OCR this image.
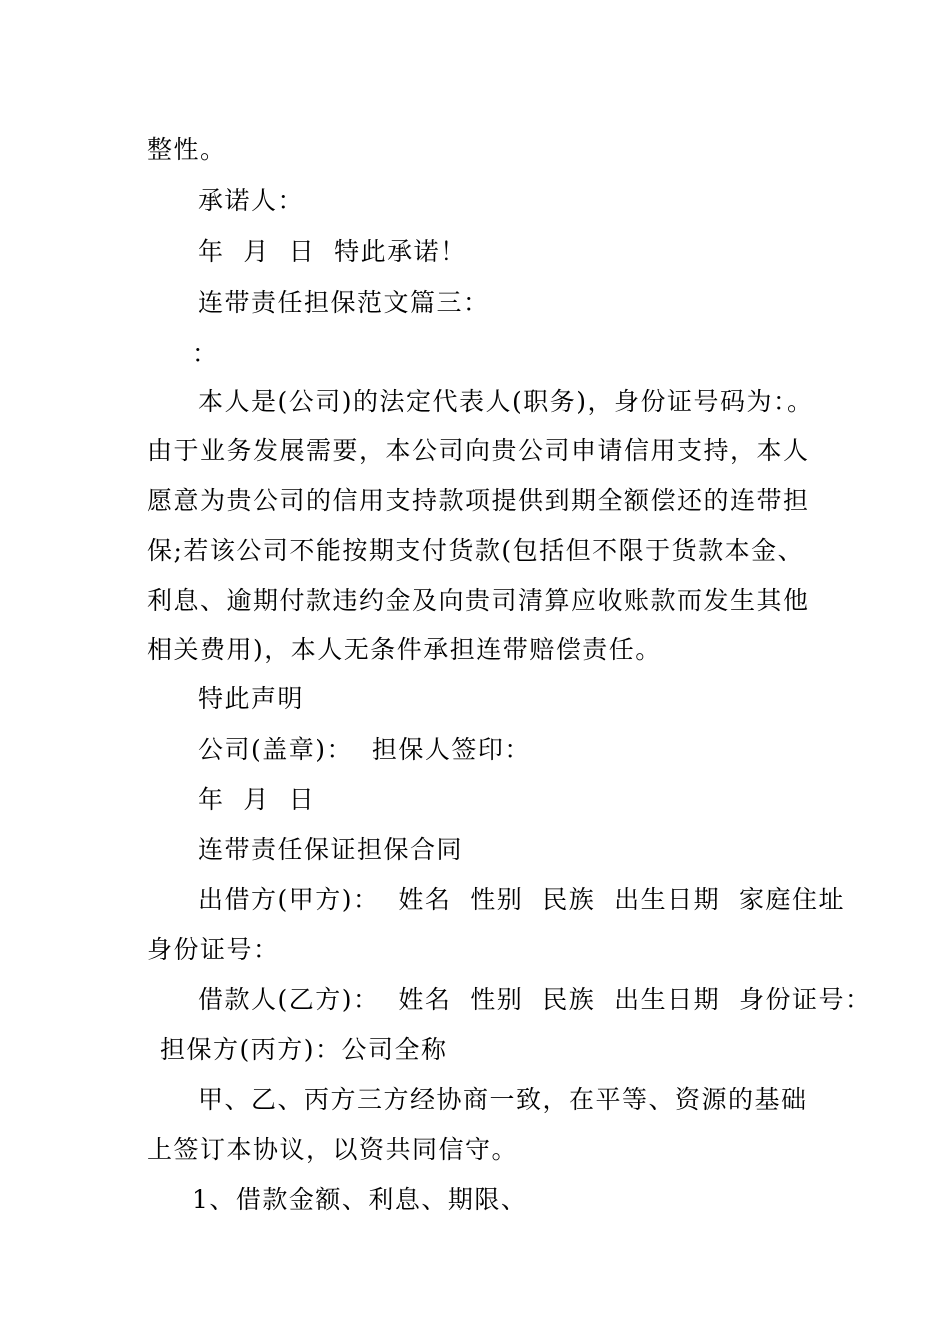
整性。
承诺人：
年  月  日  特此承诺！
连带责任担保范文篇三：
：
本人是(公司)的法定代表人(职务)，身份证号码为：。
由于业务发展需要，本公司向贵公司申请信用支持，本人
愿意为贵公司的信用支持款项提供到期全额偿还的连带担
保;若该公司不能按期支付货款(包括但不限于货款本金、
利息、逾期付款违约金及向贵司清算应收账款而发生其他
相关费用)，本人无条件承担连带赔偿责任。
特此声明
公司(盖章)：  担保人签印：
年  月  日
连带责任保证担保合同
出借方(甲方)：  姓名  性别  民族  出生日期  家庭住址
身份证号：
借款人(乙方)：  姓名  性别  民族  出生日期  身份证号：
担保方(丙方)：公司全称
甲、乙、丙方三方经协商一致，在平等、资源的基础
上签订本协议，以资共同信守。
1、借款金额、利息、期限、
